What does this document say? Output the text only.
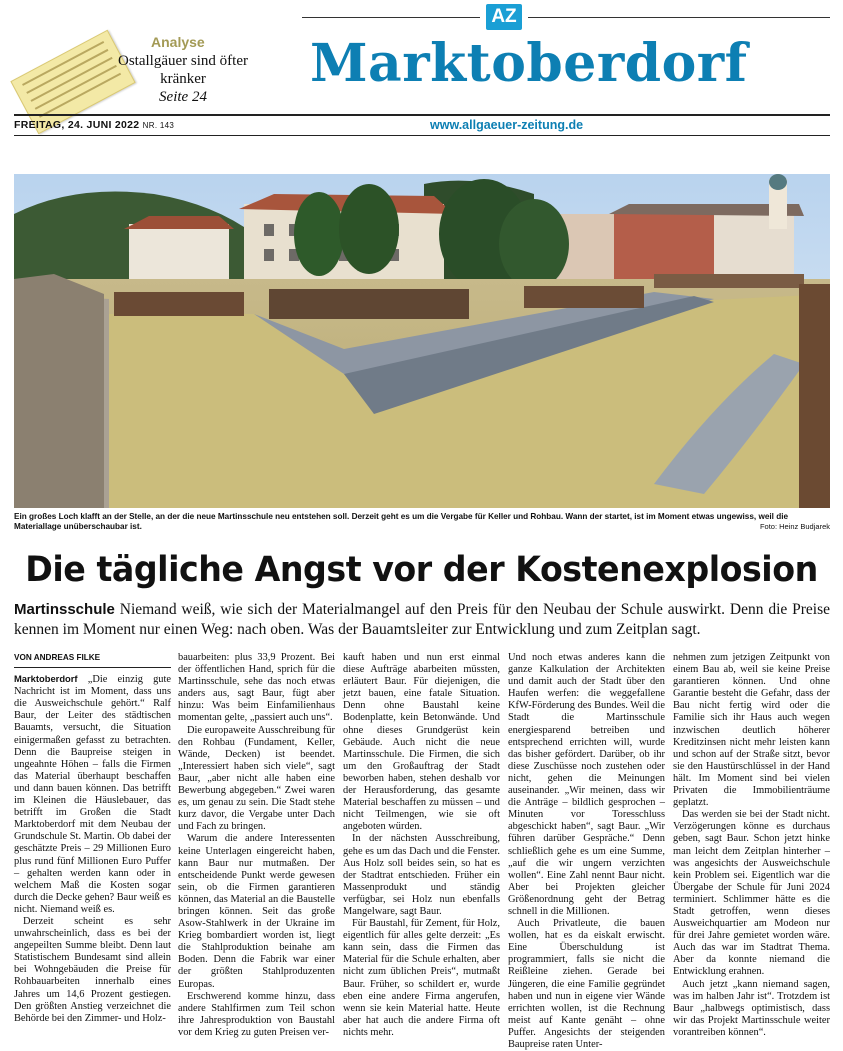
Analyse
Ostallgäuer sind öfter kränker
Seite 24
AZ
Marktoberdorf
FREITAG, 24. JUNI 2022 NR. 143	www.allgaeuer-zeitung.de
Ein großes Loch klafft an der Stelle, an der die neue Martinsschule neu entstehen soll. Derzeit geht es um die Vergabe für Keller und Rohbau. Wann der startet, ist im Moment etwas ungewiss, weil die Materiallage unüberschaubar ist.	Foto: Heinz Budjarek
Die tägliche Angst vor der Kostenexplosion
Martinsschule Niemand weiß, wie sich der Materialmangel auf den Preis für den Neubau der Schule auswirkt. Denn die Preise kennen im Moment nur einen Weg: nach oben. Was der Bauamtsleiter zur Entwicklung und zum Zeitplan sagt.
VON ANDREAS FILKE

Marktoberdorf „Die einzig gute Nachricht ist im Moment, dass uns die Ausweichschule gehört.“ Ralf Baur, der Leiter des städtischen Bauamts, versucht, die Situation einigermaßen gefasst zu betrachten. Denn die Baupreise steigen in ungeahnte Höhen – falls die Firmen das Material überhaupt beschaffen und dann bauen können. Das betrifft im Kleinen die Häuslebauer, das betrifft im Großen die Stadt Marktoberdorf mit dem Neubau der Grundschule St. Martin. Ob dabei der geschätzte Preis – 29 Millionen Euro plus rund fünf Millionen Euro Puffer – gehalten werden kann oder in welchem Maß die Kosten sogar durch die Decke gehen? Baur weiß es nicht. Niemand weiß es.

Derzeit scheint es sehr unwahrscheinlich, dass es bei der angepeilten Summe bleibt. Denn laut Statistischem Bundesamt sind allein bei Wohngebäuden die Preise für Rohbauarbeiten innerhalb eines Jahres um 14,6 Prozent gestiegen. Den größten Anstieg verzeichnet die Behörde bei den Zimmer- und Holz-

bauarbeiten: plus 33,9 Prozent. Bei der öffentlichen Hand, sprich für die Martinsschule, sehe das noch etwas anders aus, sagt Baur, fügt aber hinzu: Was beim Einfamilienhaus momentan gelte, „passiert auch uns“.

Die europaweite Ausschreibung für den Rohbau (Fundament, Keller, Wände, Decken) ist beendet. „Interessiert haben sich viele“, sagt Baur, „aber nicht alle haben eine Bewerbung abgegeben.“ Zwei waren es, um genau zu sein. Die Stadt stehe kurz davor, die Vergabe unter Dach und Fach zu bringen.

Warum die andere Interessenten keine Unterlagen eingereicht haben, kann Baur nur mutmaßen. Der entscheidende Punkt werde gewesen sein, ob die Firmen garantieren können, das Material an die Baustelle bringen können. Seit das große Asow-Stahlwerk in der Ukraine im Krieg bombardiert worden ist, liegt die Stahlproduktion beinahe am Boden. Denn die Fabrik war einer der größten Stahlproduzenten Europas.

Erschwerend komme hinzu, dass andere Stahlfirmen zum Teil schon ihre Jahresproduktion von Baustahl vor dem Krieg zu guten Preisen ver-

kauft haben und nun erst einmal diese Aufträge abarbeiten müssten, erläutert Baur. Für diejenigen, die jetzt bauen, eine fatale Situation. Denn ohne Baustahl keine Bodenplatte, kein Betonwände. Und ohne dieses Grundgerüst kein Gebäude. Auch nicht die neue Martinsschule. Die Firmen, die sich um den Großauftrag der Stadt beworben haben, stehen deshalb vor der Herausforderung, das gesamte Material beschaffen zu müssen – und nicht Teilmengen, wie sie oft angeboten würden.

In der nächsten Ausschreibung, gehe es um das Dach und die Fenster. Aus Holz soll beides sein, so hat es der Stadtrat entschieden. Früher ein Massenprodukt und ständig verfügbar, sei Holz nun ebenfalls Mangelware, sagt Baur.

Für Baustahl, für Zement, für Holz, eigentlich für alles gelte derzeit: „Es kann sein, dass die Firmen das Material für die Schule erhalten, aber nicht zum üblichen Preis“, mutmaßt Baur. Früher, so schildert er, wurde eben eine andere Firma angerufen, wenn sie kein Material hatte. Heute aber hat auch die andere Firma oft nichts mehr.

Und noch etwas anderes kann die ganze Kalkulation der Architekten und damit auch der Stadt über den Haufen werfen: die weggefallene KfW-Förderung des Bundes. Weil die Stadt die Martinsschule energiesparend betreiben und entsprechend errichten will, wurde das bisher gefördert. Darüber, ob ihr diese Zuschüsse noch zustehen oder nicht, gehen die Meinungen auseinander. „Wir meinen, dass wir die Anträge – bildlich gesprochen – Minuten vor Toresschluss abgeschickt haben“, sagt Baur. „Wir führen darüber Gespräche.“ Denn schließlich gehe es um eine Summe, „auf die wir ungern verzichten wollen“. Eine Zahl nennt Baur nicht. Aber bei Projekten gleicher Größenordnung geht der Betrag schnell in die Millionen.

Auch Privatleute, die bauen wollen, hat es da eiskalt erwischt. Eine Überschuldung ist programmiert, falls sie nicht die Reißleine ziehen. Gerade bei Jüngeren, die eine Familie gegründet haben und nun in eigene vier Wände errichten wollen, ist die Rechnung meist auf Kante genäht – ohne Puffer. Angesichts der steigenden Baupreise raten Unter-

nehmen zum jetzigen Zeitpunkt von einem Bau ab, weil sie keine Preise garantieren können. Und ohne Garantie besteht die Gefahr, dass der Bau nicht fertig wird oder die Familie sich ihr Haus auch wegen inzwischen deutlich höherer Kreditzinsen nicht mehr leisten kann und schon auf der Straße sitzt, bevor sie den Haustürschlüssel in der Hand hält. Im Moment sind bei vielen Privaten die Immobilienträume geplatzt.

Das werden sie bei der Stadt nicht. Verzögerungen könne es durchaus geben, sagt Baur. Schon jetzt hinke man leicht dem Zeitplan hinterher – was angesichts der Ausweichschule kein Problem sei. Eigentlich war die Übergabe der Schule für Juni 2024 terminiert. Schlimmer hätte es die Stadt getroffen, wenn dieses Ausweichquartier am Modeon nur für drei Jahre gemietet worden wäre. Auch das war im Stadtrat Thema. Aber da konnte niemand die Entwicklung erahnen.

Auch jetzt „kann niemand sagen, was im halben Jahr ist“. Trotzdem ist Baur „halbwegs optimistisch, dass wir das Projekt Martinsschule weiter vorantreiben können“.
